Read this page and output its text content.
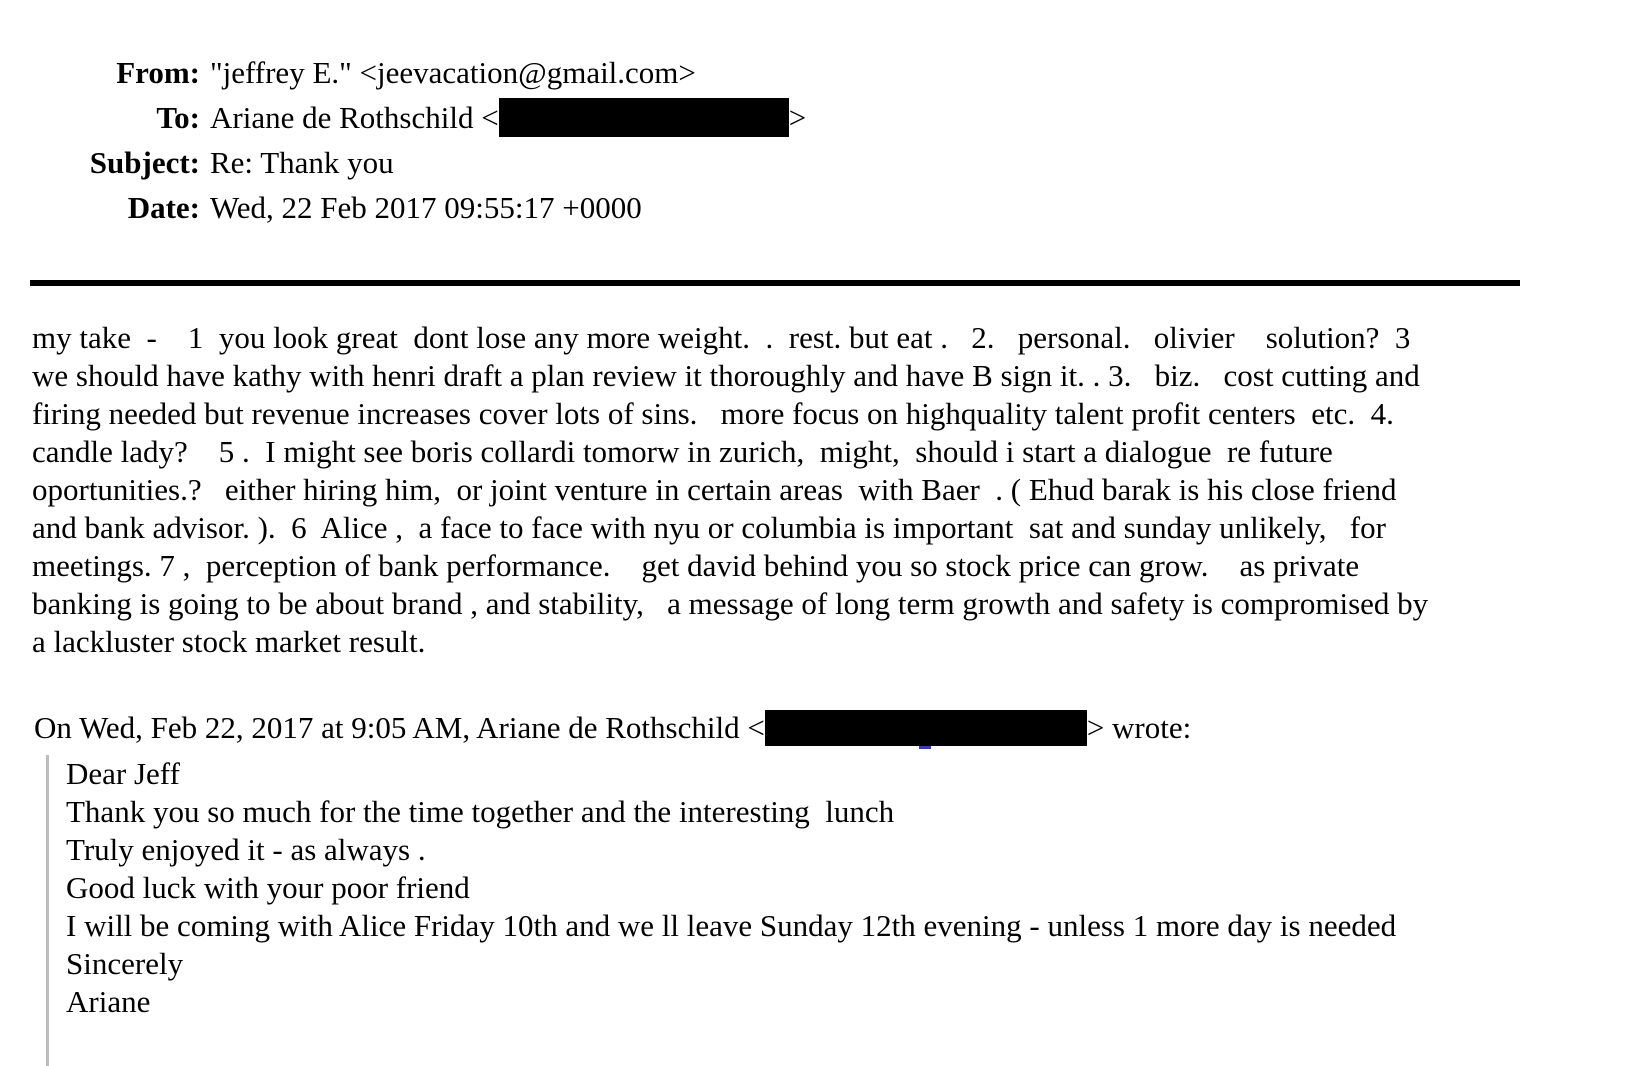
From: "jeffrey E." <jeevacation@gmail.com>
To: Ariane de Rothschild <	>
Subject: Re: Thank you
Date: Wed, 22 Feb 2017 09:55:17 +0000
my take  -    1  you look great  dont lose any more weight.  .  rest. but eat .   2.   personal.   olivier    solution?  3
we should have kathy with henri draft a plan review it thoroughly and have B sign it. . 3.   biz.   cost cutting and
firing needed but revenue increases cover lots of sins.   more focus on highquality talent profit centers  etc.  4.
candle lady?    5 .  I might see boris collardi tomorw in zurich,  might,  should i start a dialogue  re future
oportunities.?   either hiring him,  or joint venture in certain areas  with Baer  . ( Ehud barak is his close friend
and bank advisor. ).  6  Alice ,  a face to face with nyu or columbia is important  sat and sunday unlikely,   for
meetings. 7 ,  perception of bank performance.    get david behind you so stock price can grow.    as private
banking is going to be about brand , and stability,   a message of long term growth and safety is compromised by
a lackluster stock market result.
On Wed, Feb 22, 2017 at 9:05 AM, Ariane de Rothschild <	> wrote:
Dear Jeff
Thank you so much for the time together and the interesting  lunch
Truly enjoyed it - as always .
Good luck with your poor friend
I will be coming with Alice Friday 10th and we ll leave Sunday 12th evening - unless 1 more day is needed
Sincerely
Ariane
